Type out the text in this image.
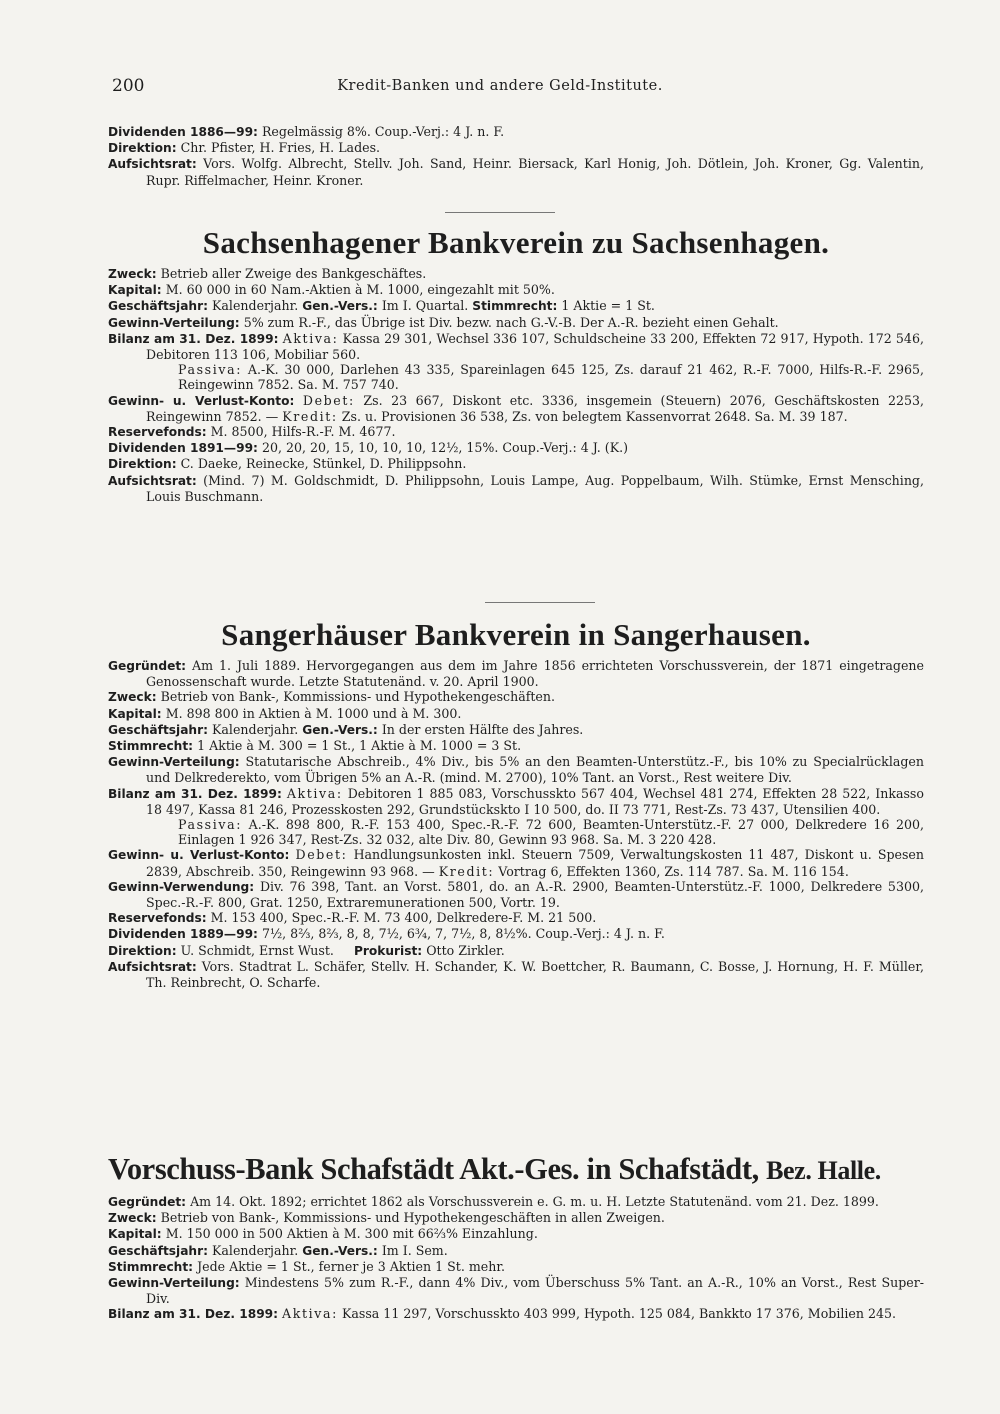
200	Kredit-Banken und andere Geld-Institute.
Dividenden 1886—99: Regelmässig 8%. Coup.-Verj.: 4 J. n. F.
Direktion: Chr. Pfister, H. Fries, H. Lades.
Aufsichtsrat: Vors. Wolfg. Albrecht, Stellv. Joh. Sand, Heinr. Biersack, Karl Honig, Joh. Dötlein, Joh. Kroner, Gg. Valentin, Rupr. Riffelmacher, Heinr. Kroner.
Sachsenhagener Bankverein zu Sachsenhagen.
Zweck: Betrieb aller Zweige des Bankgeschäftes.
Kapital: M. 60 000 in 60 Nam.-Aktien à M. 1000, eingezahlt mit 50%.
Geschäftsjahr: Kalenderjahr. Gen.-Vers.: Im I. Quartal. Stimmrecht: 1 Aktie = 1 St.
Gewinn-Verteilung: 5% zum R.-F., das Übrige ist Div. bezw. nach G.-V.-B. Der A.-R. bezieht einen Gehalt.
Bilanz am 31. Dez. 1899: Aktiva: Kassa 29 301, Wechsel 336 107, Schuldscheine 33 200, Effekten 72 917, Hypoth. 172 546, Debitoren 113 106, Mobiliar 560.
Passiva: A.-K. 30 000, Darlehen 43 335, Spareinlagen 645 125, Zs. darauf 21 462, R.-F. 7000, Hilfs-R.-F. 2965, Reingewinn 7852. Sa. M. 757 740.
Gewinn- u. Verlust-Konto: Debet: Zs. 23 667, Diskont etc. 3336, insgemein (Steuern) 2076, Geschäftskosten 2253, Reingewinn 7852. — Kredit: Zs. u. Provisionen 36 538, Zs. von belegtem Kassenvorrat 2648. Sa. M. 39 187.
Reservefonds: M. 8500, Hilfs-R.-F. M. 4677.
Dividenden 1891—99: 20, 20, 20, 15, 10, 10, 10, 12½, 15%. Coup.-Verj.: 4 J. (K.)
Direktion: C. Daeke, Reinecke, Stünkel, D. Philippsohn.
Aufsichtsrat: (Mind. 7) M. Goldschmidt, D. Philippsohn, Louis Lampe, Aug. Poppelbaum, Wilh. Stümke, Ernst Mensching, Louis Buschmann.
Sangerhäuser Bankverein in Sangerhausen.
Gegründet: Am 1. Juli 1889. Hervorgegangen aus dem im Jahre 1856 errichteten Vorschussverein, der 1871 eingetragene Genossenschaft wurde. Letzte Statutenänd. v. 20. April 1900.
Zweck: Betrieb von Bank-, Kommissions- und Hypothekengeschäften.
Kapital: M. 898 800 in Aktien à M. 1000 und à M. 300.
Geschäftsjahr: Kalenderjahr. Gen.-Vers.: In der ersten Hälfte des Jahres.
Stimmrecht: 1 Aktie à M. 300 = 1 St., 1 Aktie à M. 1000 = 3 St.
Gewinn-Verteilung: Statutarische Abschreib., 4% Div., bis 5% an den Beamten-Unterstütz.-F., bis 10% zu Specialrücklagen und Delkrederekto, vom Übrigen 5% an A.-R. (mind. M. 2700), 10% Tant. an Vorst., Rest weitere Div.
Bilanz am 31. Dez. 1899: Aktiva: Debitoren 1 885 083, Vorschusskto 567 404, Wechsel 481 274, Effekten 28 522, Inkasso 18 497, Kassa 81 246, Prozesskosten 292, Grundstückskto I 10 500, do. II 73 771, Rest-Zs. 73 437, Utensilien 400.
Passiva: A.-K. 898 800, R.-F. 153 400, Spec.-R.-F. 72 600, Beamten-Unterstütz.-F. 27 000, Delkredere 16 200, Einlagen 1 926 347, Rest-Zs. 32 032, alte Div. 80, Gewinn 93 968. Sa. M. 3 220 428.
Gewinn- u. Verlust-Konto: Debet: Handlungsunkosten inkl. Steuern 7509, Verwaltungskosten 11 487, Diskont u. Spesen 2839, Abschreib. 350, Reingewinn 93 968. — Kredit: Vortrag 6, Effekten 1360, Zs. 114 787. Sa. M. 116 154.
Gewinn-Verwendung: Div. 76 398, Tant. an Vorst. 5801, do. an A.-R. 2900, Beamten-Unterstütz.-F. 1000, Delkredere 5300, Spec.-R.-F. 800, Grat. 1250, Extraremunerationen 500, Vortr. 19.
Reservefonds: M. 153 400, Spec.-R.-F. M. 73 400, Delkredere-F. M. 21 500.
Dividenden 1889—99: 7½, 8⅔, 8⅔, 8, 8, 7½, 6¾, 7, 7½, 8, 8½%. Coup.-Verj.: 4 J. n. F.
Direktion: U. Schmidt, Ernst Wust. Prokurist: Otto Zirkler.
Aufsichtsrat: Vors. Stadtrat L. Schäfer, Stellv. H. Schander, K. W. Boettcher, R. Baumann, C. Bosse, J. Hornung, H. F. Müller, Th. Reinbrecht, O. Scharfe.
Vorschuss-Bank Schafstädt Akt.-Ges. in Schafstädt, Bez. Halle.
Gegründet: Am 14. Okt. 1892; errichtet 1862 als Vorschussverein e. G. m. u. H. Letzte Statutenänd. vom 21. Dez. 1899.
Zweck: Betrieb von Bank-, Kommissions- und Hypothekengeschäften in allen Zweigen.
Kapital: M. 150 000 in 500 Aktien à M. 300 mit 66⅔% Einzahlung.
Geschäftsjahr: Kalenderjahr. Gen.-Vers.: Im I. Sem.
Stimmrecht: Jede Aktie = 1 St., ferner je 3 Aktien 1 St. mehr.
Gewinn-Verteilung: Mindestens 5% zum R.-F., dann 4% Div., vom Überschuss 5% Tant. an A.-R., 10% an Vorst., Rest Super-Div.
Bilanz am 31. Dez. 1899: Aktiva: Kassa 11 297, Vorschusskto 403 999, Hypoth. 125 084, Bankkto 17 376, Mobilien 245.
